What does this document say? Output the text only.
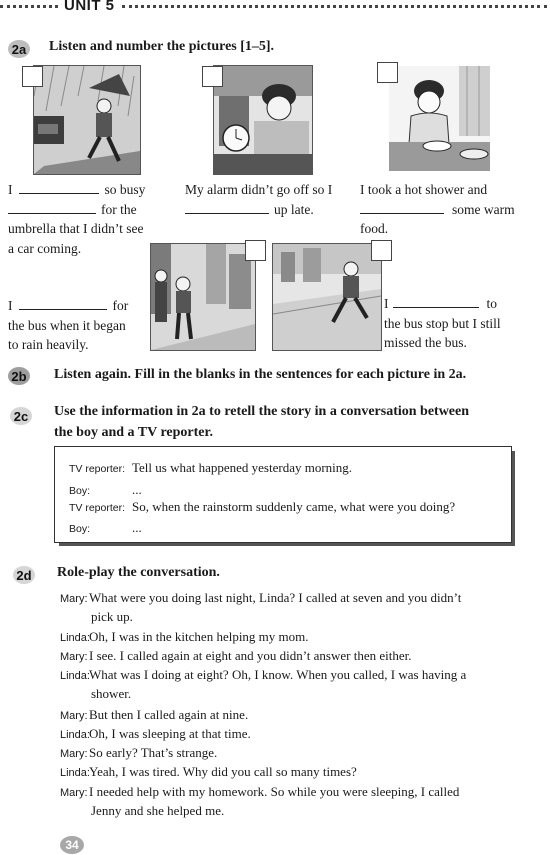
UNIT 5
2a Listen and number the pictures [1–5].
I	so busy
for the
umbrella that I didn’t see
a car coming.
My alarm didn’t go off so I
up late.
I took a hot shower and
some warm
food.
I	for
the bus when it began
to rain heavily.
I	to
the bus stop but I still
missed the bus.
2b Listen again. Fill in the blanks in the sentences for each picture in 2a.
2c Use the information in 2a to retell the story in a conversation between
the boy and a TV reporter.
TV reporter: Tell us what happened yesterday morning.
Boy:	...
TV reporter: So, when the rainstorm suddenly came, what were you doing?
Boy:	...
2d Role-play the conversation.
Mary: What were you doing last night, Linda? I called at seven and you didn’t
pick up.
Linda:Oh, I was in the kitchen helping my mom.
Mary: I see. I called again at eight and you didn’t answer then either.
Linda:What was I doing at eight? Oh, I know. When you called, I was having a
shower.
Mary: But then I called again at nine.
Linda:Oh, I was sleeping at that time.
Mary: So early? That’s strange.
Linda:Yeah, I was tired. Why did you call so many times?
Mary: I needed help with my homework. So while you were sleeping, I called
Jenny and she helped me.
34
